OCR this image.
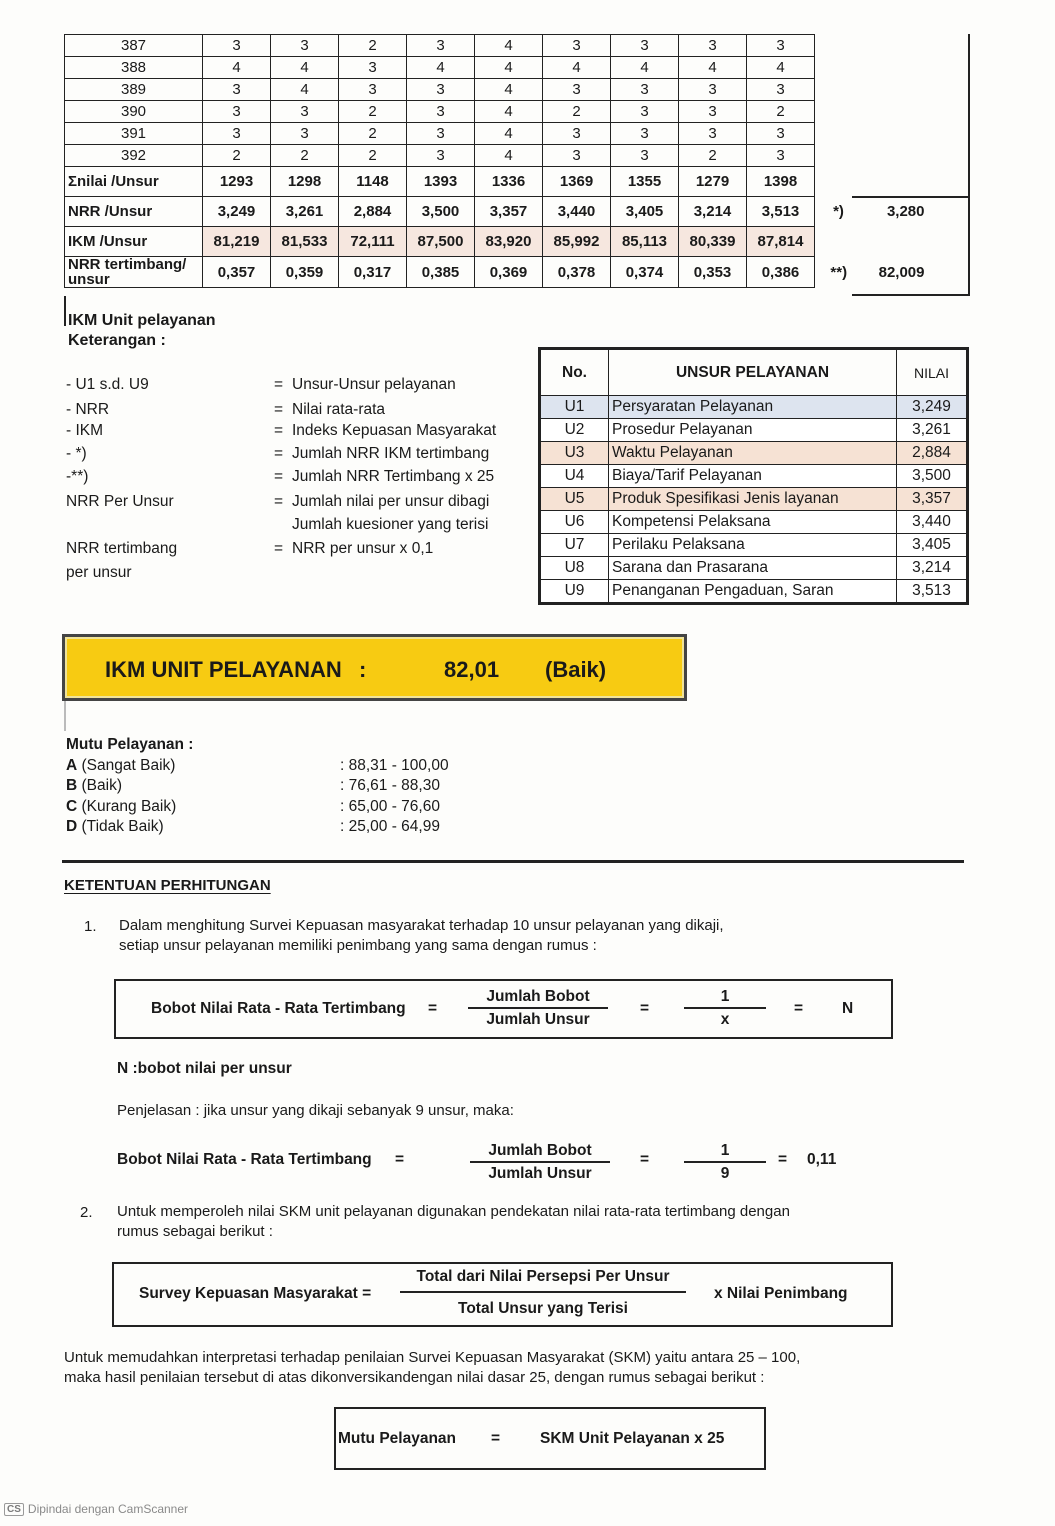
387	3	3	2	3	4	3	3	3	3		
388	4	4	3	4	4	4	4	4	4		
389	3	4	3	3	4	3	3	3	3		
390	3	3	2	3	4	2	3	3	2		
391	3	3	2	3	4	3	3	3	3		
392	2	2	2	3	4	3	3	2	3		
Σnilai /Unsur	1293	1298	1148	1393	1336	1369	1355	1279	1398		
NRR /Unsur	3,249	3,261	2,884	3,500	3,357	3,440	3,405	3,214	3,513	*)	3,280
IKM /Unsur	81,219	81,533	72,111	87,500	83,920	85,992	85,113	80,339	87,814		

NRR tertimbang/
unsur	0,357	0,359	0,317	0,385	0,369	0,378	0,374	0,353	0,386	**)	82,009
IKM Unit pelayanan
Keterangan :
- U1 s.d. U9	= Unsur-Unsur pelayanan
- NRR	= Nilai rata-rata
- IKM	= Indeks Kepuasan Masyarakat
- *)	= Jumlah NRR IKM tertimbang
-**)	= Jumlah NRR Tertimbang x 25
NRR Per Unsur	= Jumlah nilai per unsur dibagi
Jumlah kuesioner yang terisi
NRR tertimbang	= NRR per unsur x 0,1
per unsur
No.	UNSUR PELAYANAN	NILAI
U1	Persyaratan Pelayanan	3,249
U2	Prosedur Pelayanan	3,261
U3	Waktu Pelayanan	2,884
U4	Biaya/Tarif Pelayanan	3,500
U5	Produk Spesifikasi Jenis layanan	3,357
U6	Kompetensi Pelaksana	3,440
U7	Perilaku Pelaksana	3,405
U8	Sarana dan Prasarana	3,214
U9	Penanganan Pengaduan, Saran	3,513
IKM UNIT PELAYANAN :	82,01 (Baik)
Mutu Pelayanan :
A (Sangat Baik)	: 88,31 - 100,00
B (Baik)	: 76,61 - 88,30
C (Kurang Baik)	: 65,00 - 76,60
D (Tidak Baik)	: 25,00 - 64,99
KETENTUAN PERHITUNGAN
1. Dalam menghitung Survei Kepuasan masyarakat terhadap 10 unsur pelayanan yang dikaji,
setiap unsur pelayanan memiliki penimbang yang sama dengan rumus :
Bobot Nilai Rata - Rata Tertimbang =
Jumlah Bobot
Jumlah Unsur
=
1
x
=	N
N :bobot nilai per unsur
Penjelasan : jika unsur yang dikaji sebanyak 9 unsur, maka:
Bobot Nilai Rata - Rata Tertimbang =
Jumlah Bobot
Jumlah Unsur
=
1
9
= 0,11
2. Untuk memperoleh nilai SKM unit pelayanan digunakan pendekatan nilai rata-rata tertimbang dengan
rumus sebagai berikut :
Survey Kepuasan Masyarakat =
Total dari Nilai Persepsi Per Unsur
Total Unsur yang Terisi
x Nilai Penimbang
Untuk memudahkan interpretasi terhadap penilaian Survei Kepuasan Masyarakat (SKM) yaitu antara 25 – 100,
maka hasil penilaian tersebut di atas dikonversikandengan nilai dasar 25, dengan rumus sebagai berikut :
Mutu Pelayanan =	SKM Unit Pelayanan x 25
CS Dipindai dengan CamScanner
